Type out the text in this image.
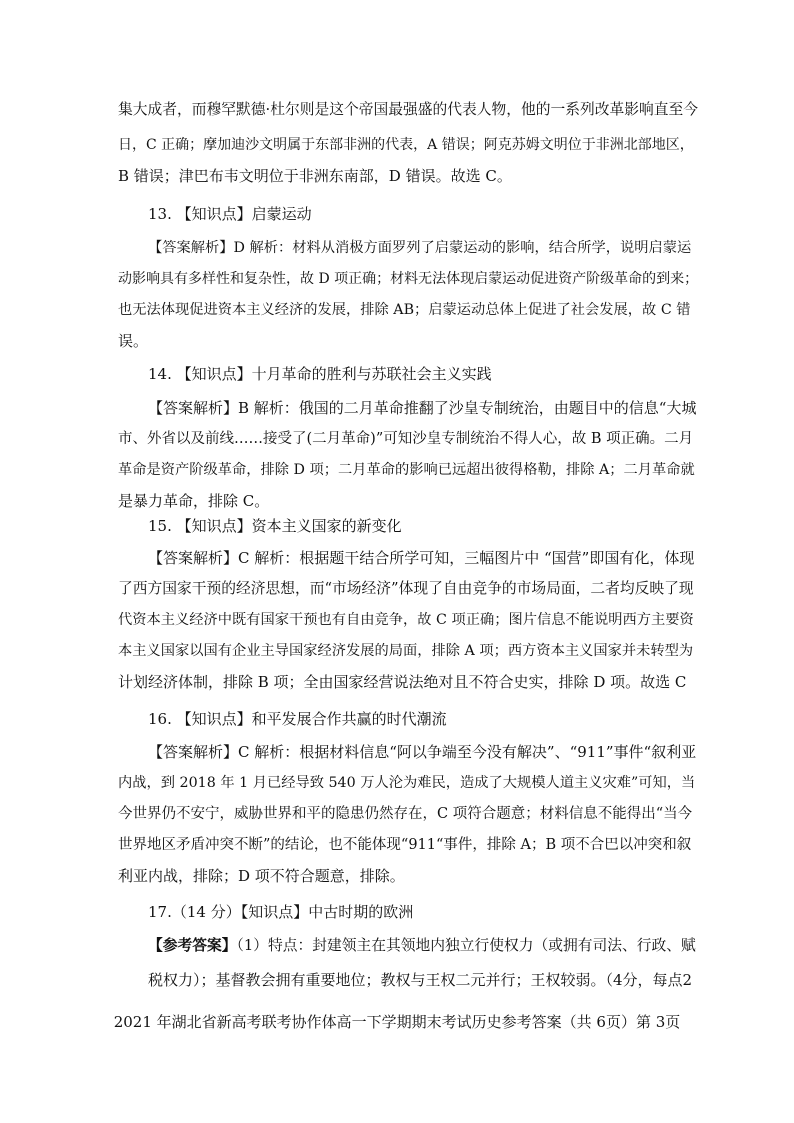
集大成者，而穆罕默德·杜尔则是这个帝国最强盛的代表人物，他的一系列改革影响直至今
日，C 正确；摩加迪沙文明属于东部非洲的代表，A 错误；阿克苏姆文明位于非洲北部地区，
B 错误；津巴布韦文明位于非洲东南部，D 错误。故选 C。
13. 【知识点】启蒙运动
【答案解析】D 解析：材料从消极方面罗列了启蒙运动的影响，结合所学，说明启蒙运
动影响具有多样性和复杂性，故 D 项正确；材料无法体现启蒙运动促进资产阶级革命的到来；
也无法体现促进资本主义经济的发展，排除 AB；启蒙运动总体上促进了社会发展，故 C 错
误。
14. 【知识点】十月革命的胜利与苏联社会主义实践
【答案解析】B 解析：俄国的二月革命推翻了沙皇专制统治，由题目中的信息“大城
市、外省以及前线……接受了(二月革命)”可知沙皇专制统治不得人心，故 B 项正确。二月
革命是资产阶级革命，排除 D 项；二月革命的影响已远超出彼得格勒，排除 A；二月革命就
是暴力革命，排除 C。
15. 【知识点】资本主义国家的新变化
【答案解析】C 解析：根据题干结合所学可知，三幅图片中 “国营”即国有化，体现
了西方国家干预的经济思想，而“市场经济”体现了自由竞争的市场局面，二者均反映了现
代资本主义经济中既有国家干预也有自由竞争，故 C 项正确；图片信息不能说明西方主要资
本主义国家以国有企业主导国家经济发展的局面，排除 A 项；西方资本主义国家并未转型为
计划经济体制，排除 B 项；全由国家经营说法绝对且不符合史实，排除 D 项。故选 C
16. 【知识点】和平发展合作共赢的时代潮流
【答案解析】C 解析：根据材料信息“阿以争端至今没有解决”、“911”事件“叙利亚
内战，到 2018 年 1 月已经导致 540 万人沦为难民，造成了大规模人道主义灾难”可知，当
今世界仍不安宁，威胁世界和平的隐患仍然存在，C 项符合题意；材料信息不能得出“当今
世界地区矛盾冲突不断”的结论，也不能体现“911“事件，排除 A；B 项不合巴以冲突和叙
利亚内战，排除；D 项不符合题意，排除。
17.（14 分）【知识点】中古时期的欧洲
【参考答案】（1）特点：封建领主在其领地内独立行使权力（或拥有司法、行政、赋
税权力）；基督教会拥有重要地位；教权与王权二元并行；王权较弱。（4分，每点2
2021 年湖北省新高考联考协作体高一下学期期末考试历史参考答案（共 6页）第 3页
